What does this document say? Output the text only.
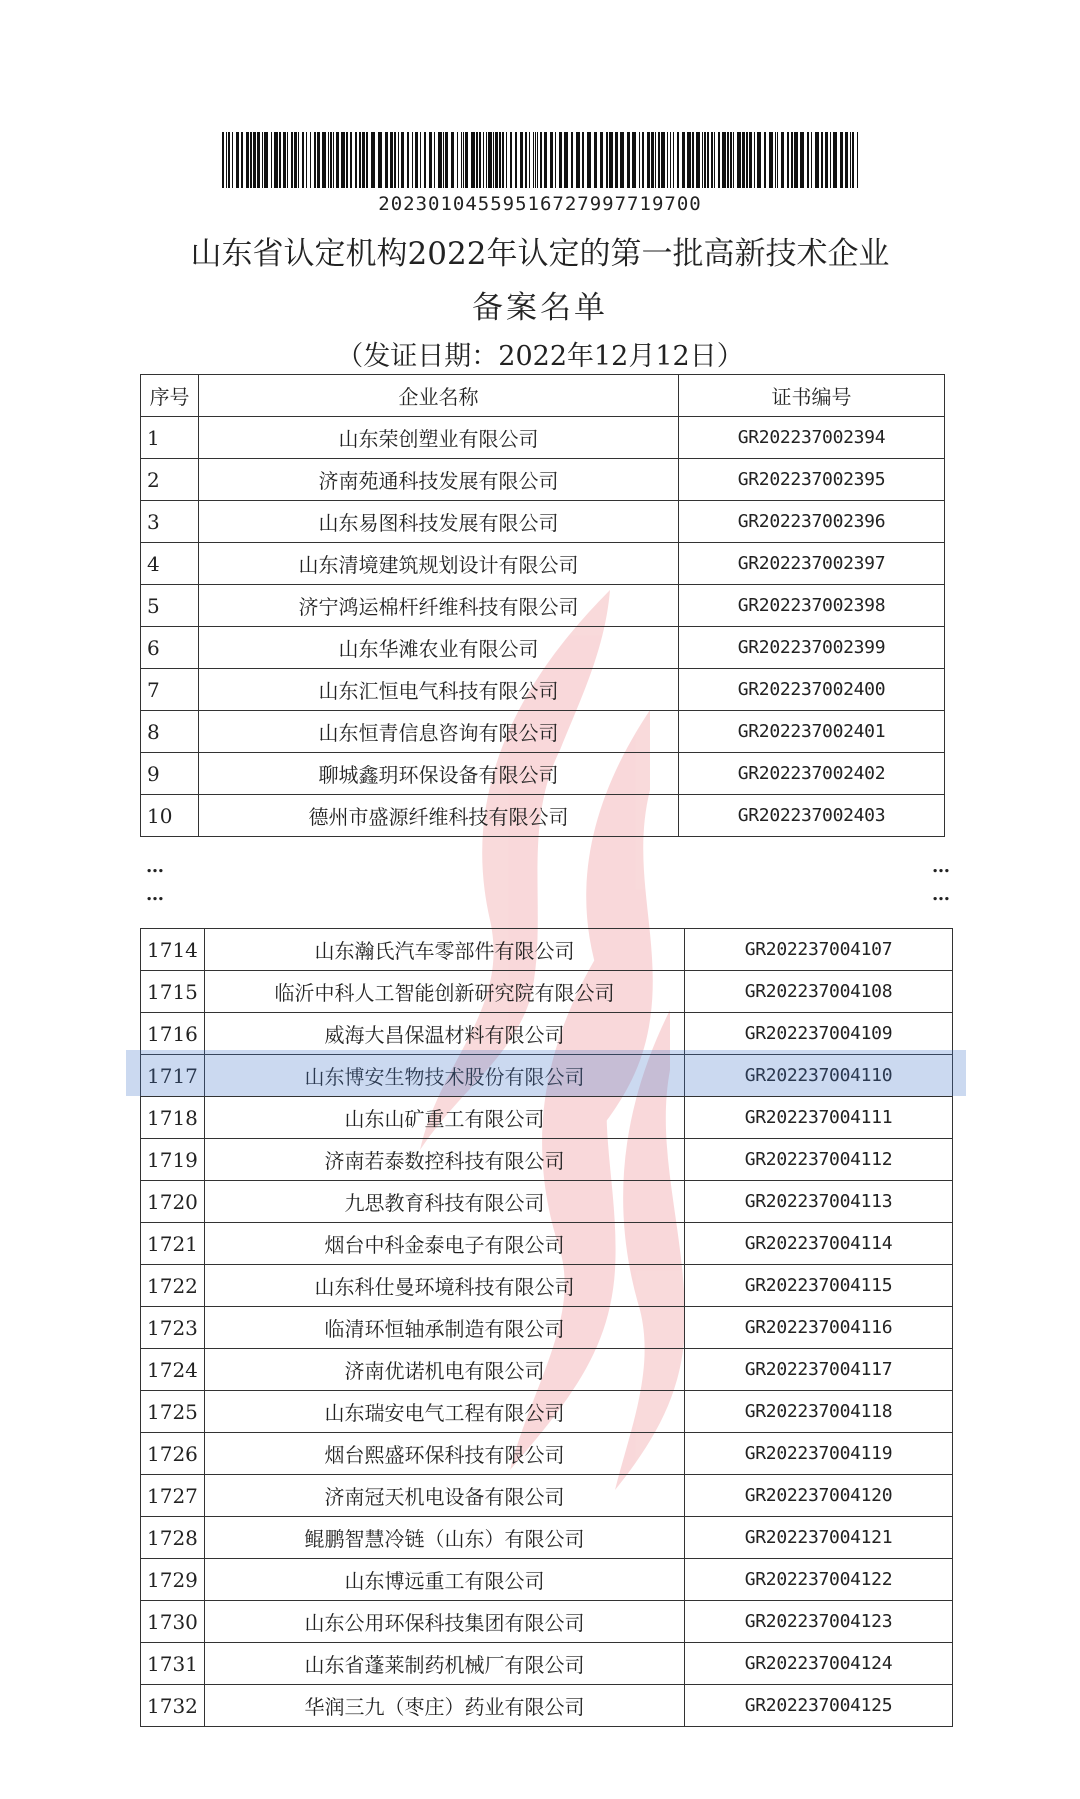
20230104559516727997719700
山东省认定机构2022年认定的第一批高新技术企业
备案名单
（发证日期：2022年12月12日）
序号	企业名称	证书编号
1	山东荣创塑业有限公司	GR202237002394
2	济南苑通科技发展有限公司	GR202237002395
3	山东易图科技发展有限公司	GR202237002396
4	山东清境建筑规划设计有限公司	GR202237002397
5	济宁鸿运棉杆纤维科技有限公司	GR202237002398
6	山东华滩农业有限公司	GR202237002399
7	山东汇恒电气科技有限公司	GR202237002400
8	山东恒青信息咨询有限公司	GR202237002401
9	聊城鑫玥环保设备有限公司	GR202237002402
10	德州市盛源纤维科技有限公司	GR202237002403
…
…
…
…
1714	山东瀚氏汽车零部件有限公司	GR202237004107
1715	临沂中科人工智能创新研究院有限公司	GR202237004108
1716	威海大昌保温材料有限公司	GR202237004109
1717	山东博安生物技术股份有限公司	GR202237004110
1718	山东山矿重工有限公司	GR202237004111
1719	济南若泰数控科技有限公司	GR202237004112
1720	九思教育科技有限公司	GR202237004113
1721	烟台中科金泰电子有限公司	GR202237004114
1722	山东科仕曼环境科技有限公司	GR202237004115
1723	临清环恒轴承制造有限公司	GR202237004116
1724	济南优诺机电有限公司	GR202237004117
1725	山东瑞安电气工程有限公司	GR202237004118
1726	烟台熙盛环保科技有限公司	GR202237004119
1727	济南冠天机电设备有限公司	GR202237004120
1728	鲲鹏智慧冷链（山东）有限公司	GR202237004121
1729	山东博远重工有限公司	GR202237004122
1730	山东公用环保科技集团有限公司	GR202237004123
1731	山东省蓬莱制药机械厂有限公司	GR202237004124
1732	华润三九（枣庄）药业有限公司	GR202237004125
